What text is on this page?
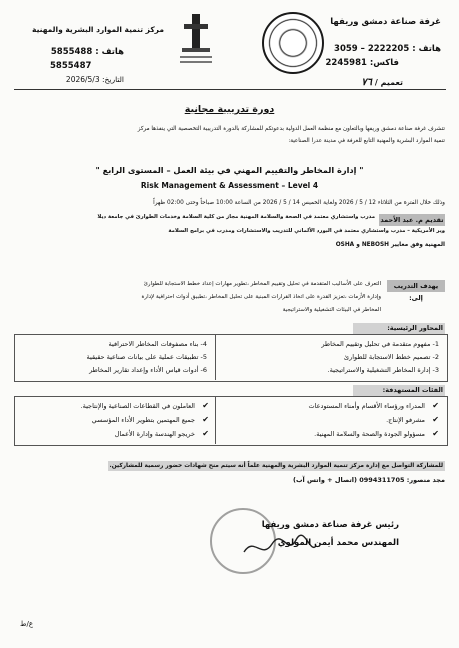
غرفة صناعة دمشق وريفها
هاتف : 3059 – 2222205
فاكس: 2245981
مركز تنمية الموارد البشرية والمهنية
هاتف : 5855488
5855487
التاريخ: 2026/5/3	تعميم / ٧٦
دورة تدريبية مجانية
تتشرف غرفة صناعة دمشق وريفها وبالتعاون مع منظمة العمل الدولية بدعوتكم للمشاركة بالدورة التدريبية التخصصية التي ينفذها مركز
تنمية الموارد البشرية والمهنية التابع للغرفة في مدينة عدرا الصناعية:
" إدارة المخاطر والتقييم المهني في بيئة العمل – المستوى الرابع "
Risk Management & Assessment – Level 4
وذلك خلال الفترة من الثلاثاء 12 / 5 / 2026 ولغاية الخميس 14 / 5 / 2026 من الساعة 10:00 صباحاً وحتى 02:00 ظهراً
تقديم م. عبد الأحمد
مدرب واستشاري معتمد في الصحة والسلامة المهنية مجاز من كلية السلامة وخدمات الطوارئ في جامعة ديلا
وير الأمريكية – مدرب واستشاري معتمد في البورد الألماني للتدريب والاستشارات ومدرب في برامج السلامة
المهنية وفق معايير NEBOSH و OSHA
يهدف التدريب إلى:
التعرف على الأساليب المتقدمة في تحليل وتقييم المخاطر ،تطوير مهارات إعداد خطط الاستجابة للطوارئ
وإدارة الأزمات ،تعزيز القدرة على اتخاذ القرارات المبنية على تحليل المخاطر ،تطبيق أدوات احترافية لإدارة
المخاطر في البيئات التشغيلية والاستراتيجية
المحاور الرئيسية:
1- مفهوم متقدمة في تحليل وتقييم المخاطر
2- تصميم خطط الاستجابة للطوارئ
3- إدارة المخاطر التشغيلية والاستراتيجية.
4- بناء مصفوفات المخاطر الاحترافية
5- تطبيقات عملية على بيانات صناعية حقيقية
6- أدوات قياس الأداء وإعداد تقارير المخاطر
الفئات المستهدفة:
✔
المدراء ورؤساء الأقسام وأمناء المستودعات
✔
مشرفو الإنتاج.
✔
مسؤولو الجودة والصحة والسلامة المهنية.
✔
العاملون في القطاعات الصناعية والإنتاجية.
✔
جميع المهتمين بتطوير الأداء المؤسسي
✔
خريجو الهندسة وإدارة الأعمال
للمشاركة التواصل مع إدارة مركز تنمية الموارد البشرية والمهنية علماً أنه سيتم منح شهادات حضور رسمية للمشاركين.
مجد منصور: 0994311705 (اتصال + واتس آب)
رئيس غرفة صناعة دمشق وريفها
المهندس محمد أيمن المولوي
ع/ط
